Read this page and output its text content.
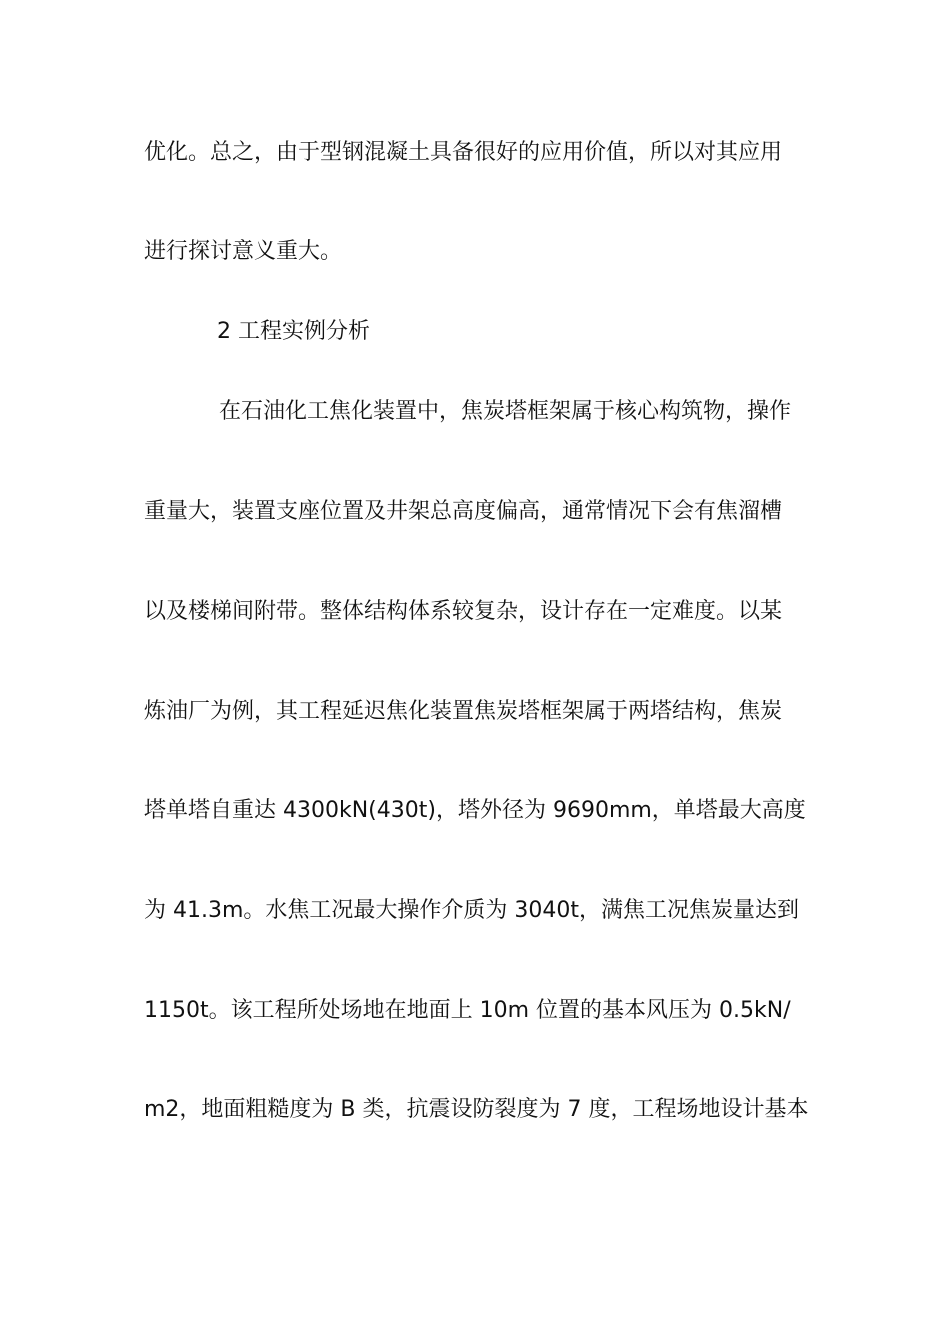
优化。总之，由于型钢混凝土具备很好的应用价值，所以对其应用
进行探讨意义重大。
2 工程实例分析
在石油化工焦化装置中，焦炭塔框架属于核心构筑物，操作
重量大，装置支座位置及井架总高度偏高，通常情况下会有焦溜槽
以及楼梯间附带。整体结构体系较复杂，设计存在一定难度。以某
炼油厂为例，其工程延迟焦化装置焦炭塔框架属于两塔结构，焦炭
塔单塔自重达 4300kN(430t)，塔外径为 9690mm，单塔最大高度
为 41.3m。水焦工况最大操作介质为 3040t，满焦工况焦炭量达到
1150t。该工程所处场地在地面上 10m 位置的基本风压为 0.5kN/
m2，地面粗糙度为 B 类，抗震设防裂度为 7 度，工程场地设计基本
